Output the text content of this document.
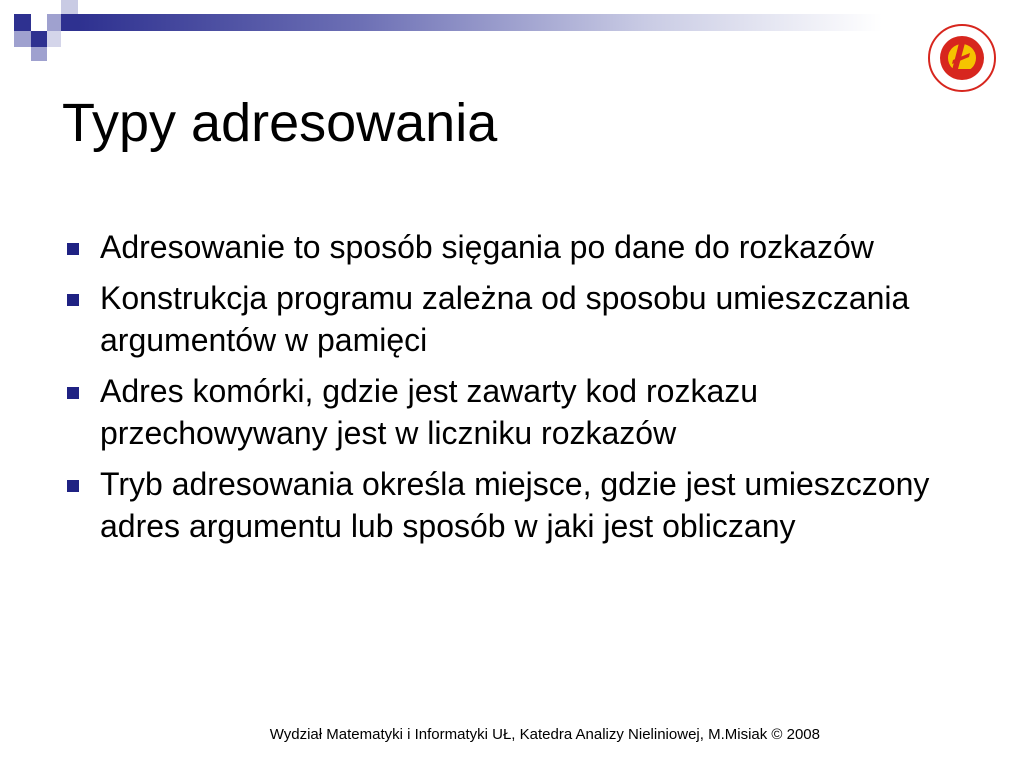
Typy adresowania
Adresowanie to sposób sięgania po dane do rozkazów
Konstrukcja programu zależna od sposobu umieszczania argumentów w pamięci
Adres komórki, gdzie jest zawarty kod rozkazu przechowywany jest w liczniku rozkazów
Tryb adresowania określa miejsce, gdzie jest umieszczony adres argumentu lub sposób w jaki jest obliczany
Wydział Matematyki i Informatyki UŁ, Katedra Analizy Nieliniowej, M.Misiak © 2008
